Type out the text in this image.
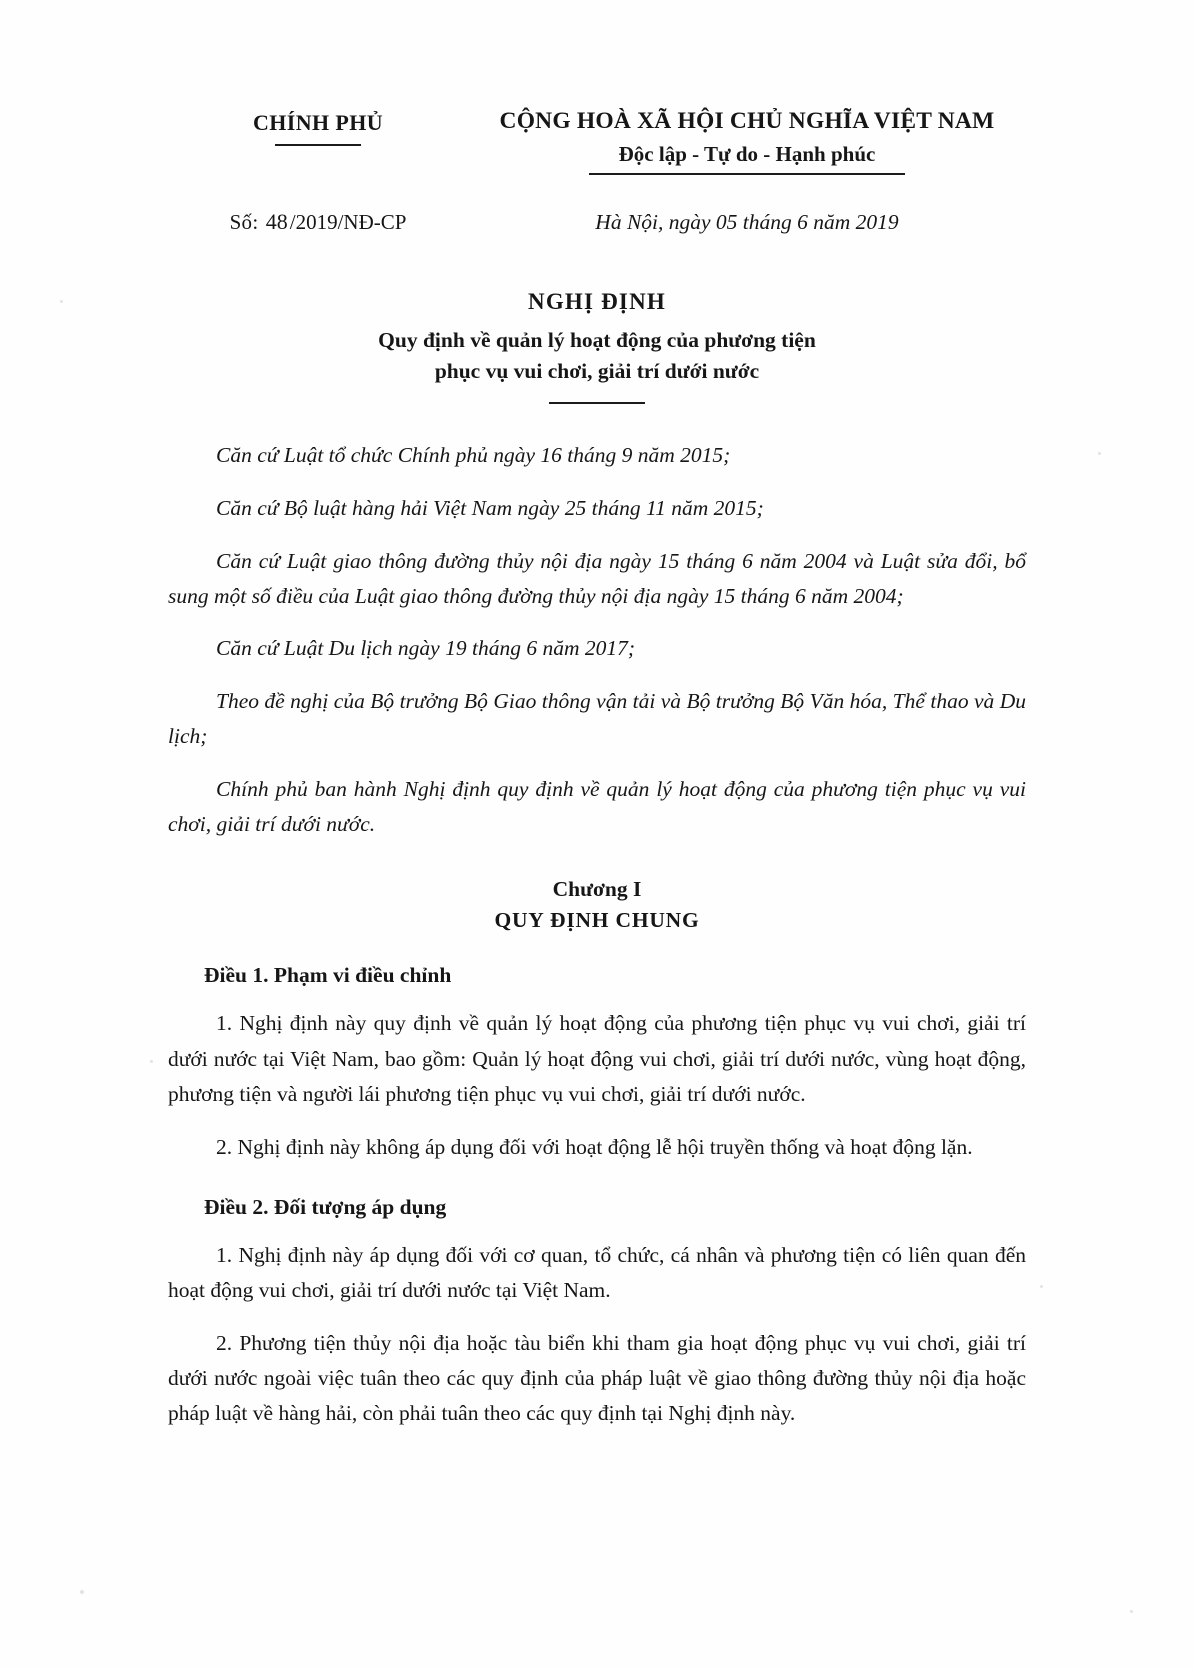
CHÍNH PHỦ	CỘNG HOÀ XÃ HỘI CHỦ NGHĨA VIỆT NAM
Độc lập - Tự do - Hạnh phúc
Số: 48/2019/NĐ-CP	Hà Nội, ngày 05 tháng 6 năm 2019
NGHỊ ĐỊNH
Quy định về quản lý hoạt động của phương tiện
phục vụ vui chơi, giải trí dưới nước
Căn cứ Luật tổ chức Chính phủ ngày 16 tháng 9 năm 2015;
Căn cứ Bộ luật hàng hải Việt Nam ngày 25 tháng 11 năm 2015;
Căn cứ Luật giao thông đường thủy nội địa ngày 15 tháng 6 năm 2004 và Luật sửa đổi, bổ sung một số điều của Luật giao thông đường thủy nội địa ngày 15 tháng 6 năm 2004;
Căn cứ Luật Du lịch ngày 19 tháng 6 năm 2017;
Theo đề nghị của Bộ trưởng Bộ Giao thông vận tải và Bộ trưởng Bộ Văn hóa, Thể thao và Du lịch;
Chính phủ ban hành Nghị định quy định về quản lý hoạt động của phương tiện phục vụ vui chơi, giải trí dưới nước.
Chương I
QUY ĐỊNH CHUNG
Điều 1. Phạm vi điều chỉnh
1. Nghị định này quy định về quản lý hoạt động của phương tiện phục vụ vui chơi, giải trí dưới nước tại Việt Nam, bao gồm: Quản lý hoạt động vui chơi, giải trí dưới nước, vùng hoạt động, phương tiện và người lái phương tiện phục vụ vui chơi, giải trí dưới nước.
2. Nghị định này không áp dụng đối với hoạt động lễ hội truyền thống và hoạt động lặn.
Điều 2. Đối tượng áp dụng
1. Nghị định này áp dụng đối với cơ quan, tổ chức, cá nhân và phương tiện có liên quan đến hoạt động vui chơi, giải trí dưới nước tại Việt Nam.
2. Phương tiện thủy nội địa hoặc tàu biển khi tham gia hoạt động phục vụ vui chơi, giải trí dưới nước ngoài việc tuân theo các quy định của pháp luật về giao thông đường thủy nội địa hoặc pháp luật về hàng hải, còn phải tuân theo các quy định tại Nghị định này.
